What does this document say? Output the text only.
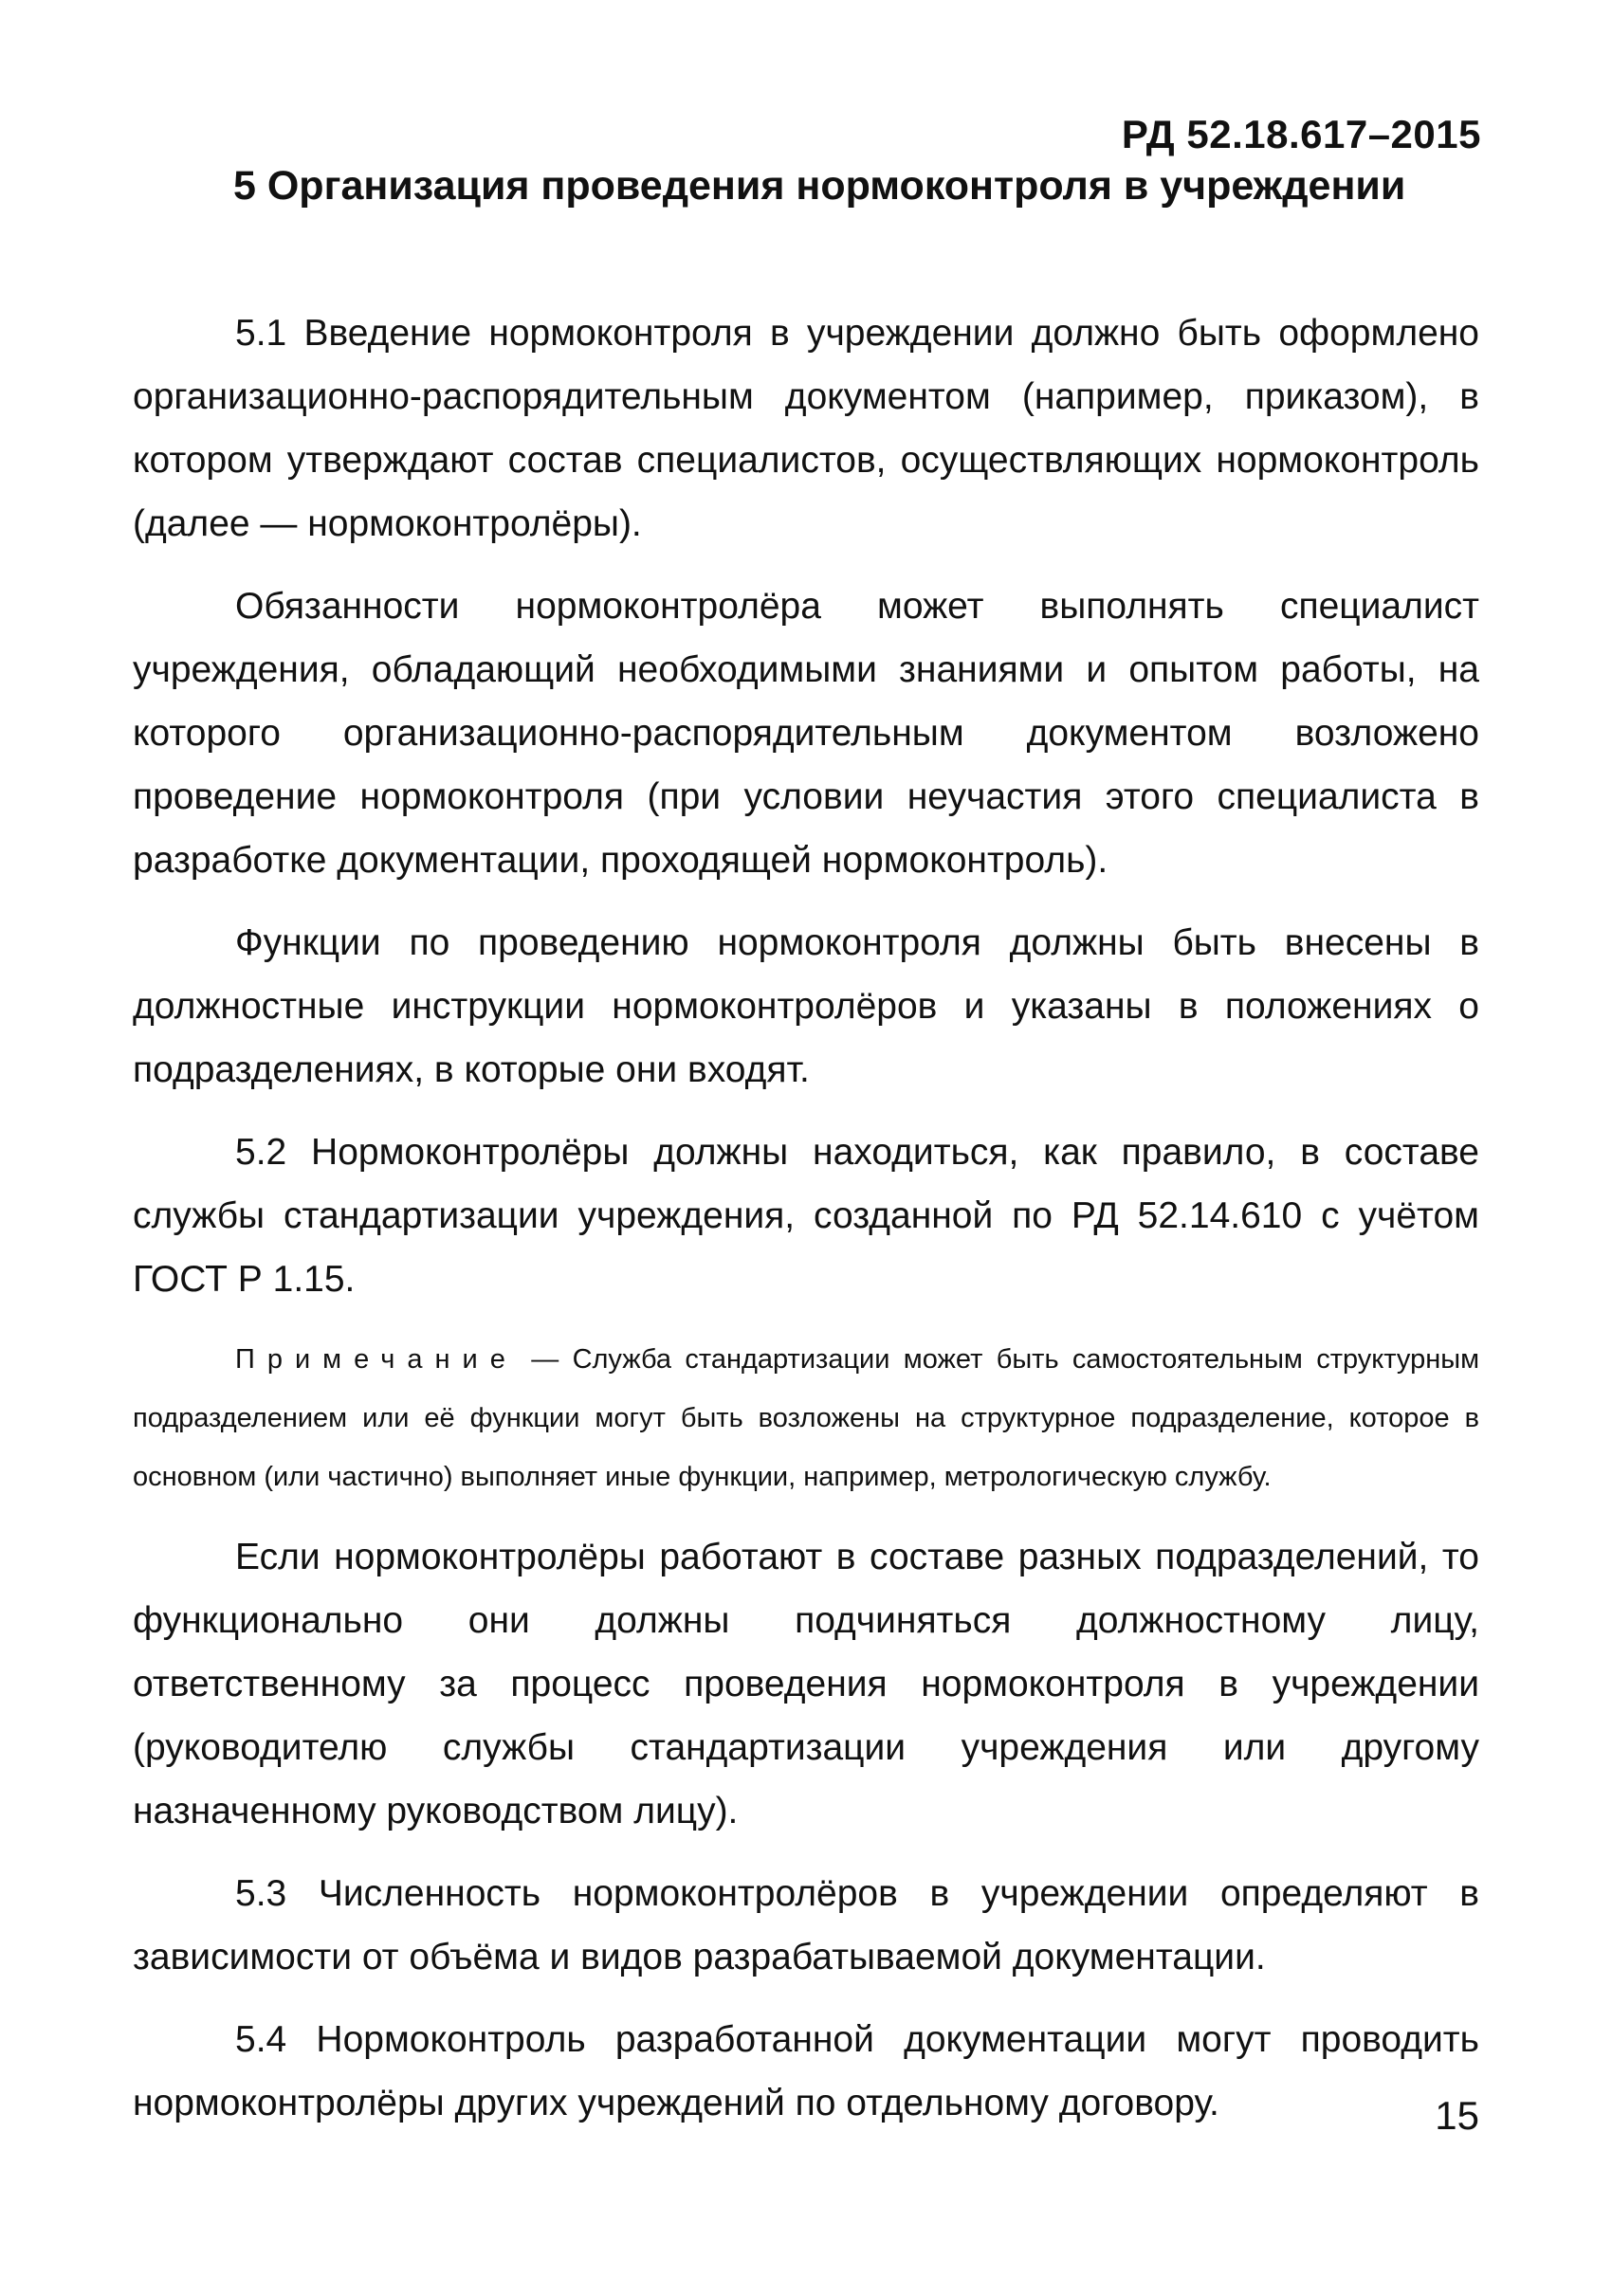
РД 52.18.617–2015
5 Организация проведения нормоконтроля в учреждении

5.1 Введение нормоконтроля в учреждении должно быть оформлено организационно-распорядительным документом (например, приказом), в котором утверждают состав специалистов, осуществляющих нормоконтроль (далее — нормоконтролёры).

Обязанности нормоконтролёра может выполнять специалист учреждения, обладающий необходимыми знаниями и опытом работы, на которого организационно-распорядительным документом возложено проведение нормоконтроля (при условии неучастия этого специалиста в разработке документации, проходящей нормоконтроль).

Функции по проведению нормоконтроля должны быть внесены в должностные инструкции нормоконтролёров и указаны в положениях о подразделениях, в которые они входят.

5.2 Нормоконтролёры должны находиться, как правило, в составе службы стандартизации учреждения, созданной по РД 52.14.610 с учётом ГОСТ Р 1.15.

Примечание — Служба стандартизации может быть самостоятельным структурным подразделением или её функции могут быть возложены на структурное подразделение, которое в основном (или частично) выполняет иные функции, например, метрологическую службу.

Если нормоконтролёры работают в составе разных подразделений, то функционально они должны подчиняться должностному лицу, ответственному за процесс проведения нормоконтроля в учреждении (руководителю службы стандартизации учреждения или другому назначенному руководством лицу).

5.3 Численность нормоконтролёров в учреждении определяют в зависимости от объёма и видов разрабатываемой документации.

5.4 Нормоконтроль разработанной документации могут проводить нормоконтролёры других учреждений по отдельному договору.	15
